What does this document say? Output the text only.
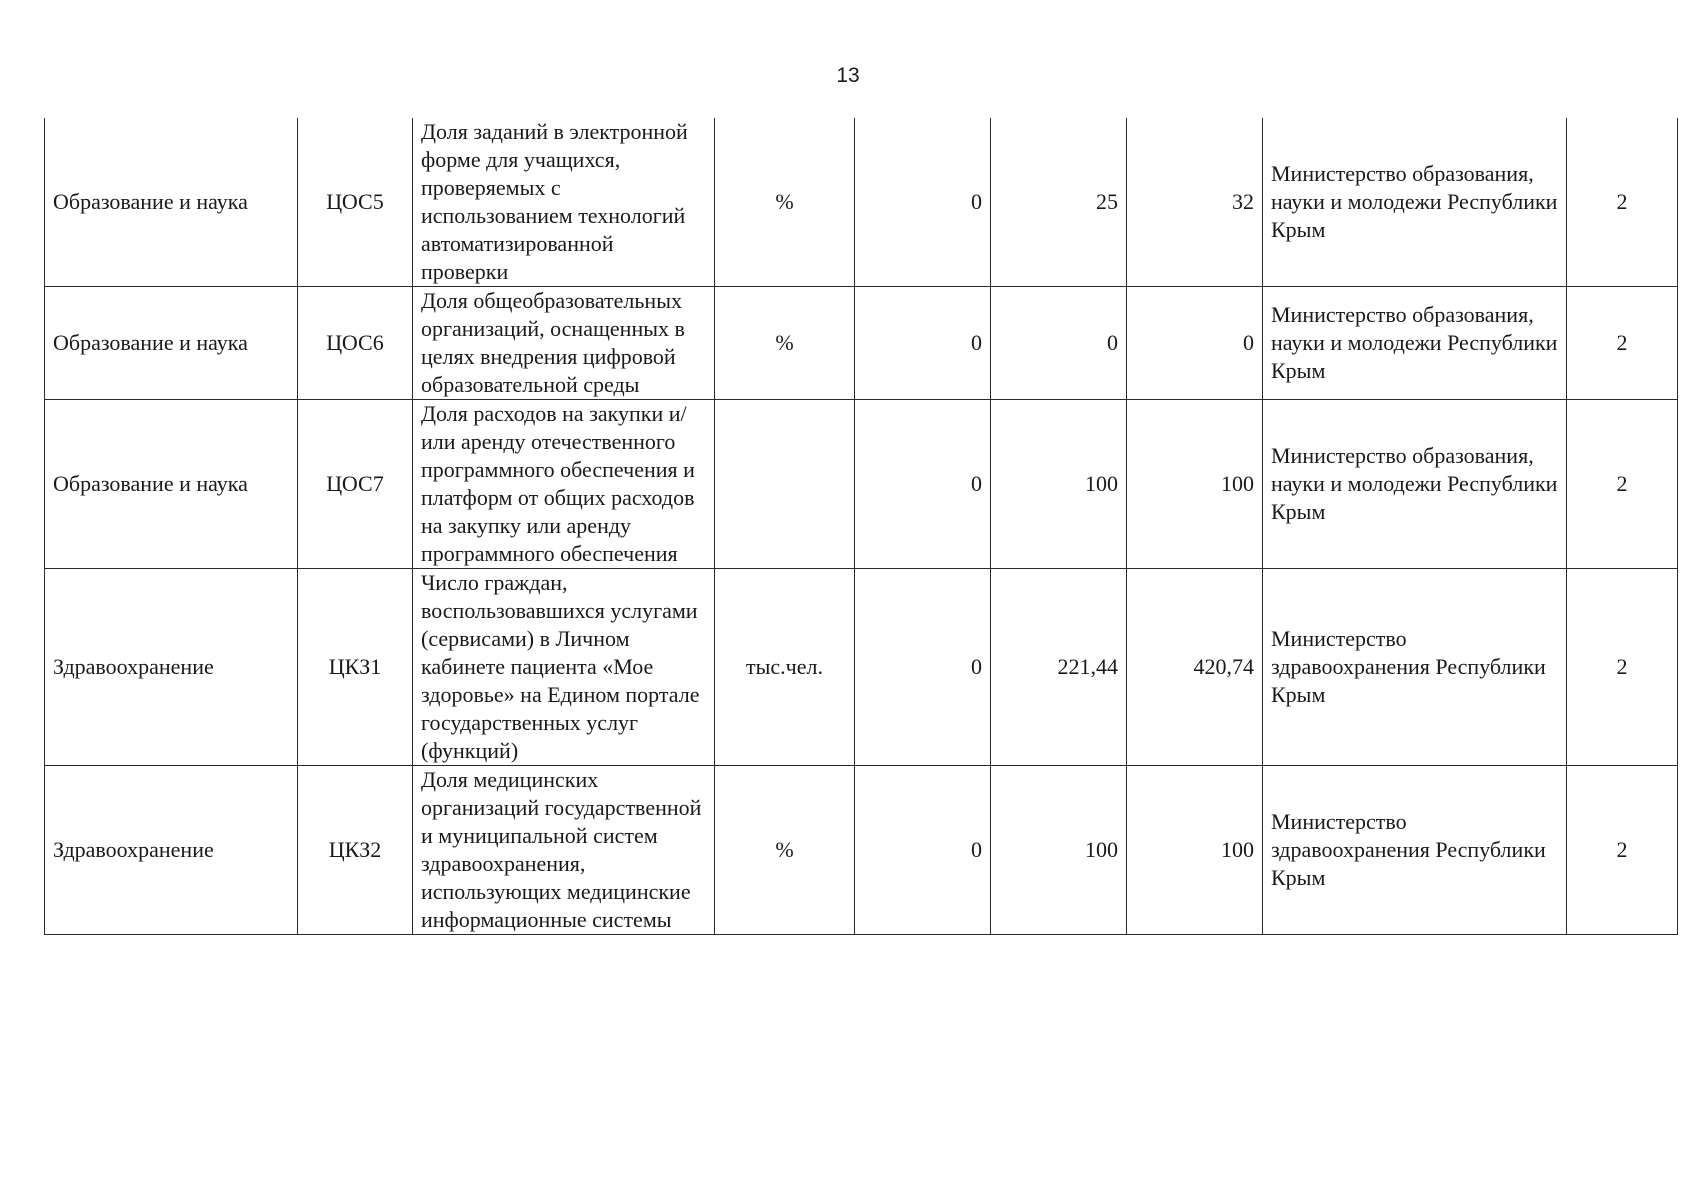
13
Образование и наука	ЦОС5	Доля заданий в электронной форме для учащихся, проверяемых с использованием технологий автоматизированной проверки	%	0	25	32	Министерство образования, науки и молодежи Республики Крым	2
Образование и наука	ЦОС6	Доля общеобразовательных организаций, оснащенных в целях внедрения цифровой образовательной среды	%	0	0	0	Министерство образования, науки и молодежи Республики Крым	2
Образование и наука	ЦОС7	Доля расходов на закупки и/или аренду отечественного программного обеспечения и платформ от общих расходов на закупку или аренду программного обеспечения		0	100	100	Министерство образования, науки и молодежи Республики Крым	2
Здравоохранение	ЦКЗ1	Число граждан, воспользовавшихся услугами (сервисами) в Личном кабинете пациента «Мое здоровье» на Едином портале государственных услуг (функций)	тыс.чел.	0	221,44	420,74	Министерство здравоохранения Республики Крым	2
Здравоохранение	ЦКЗ2	Доля медицинских организаций государственной и муниципальной систем здравоохранения, использующих медицинские информационные системы	%	0	100	100	Министерство здравоохранения Республики Крым	2
